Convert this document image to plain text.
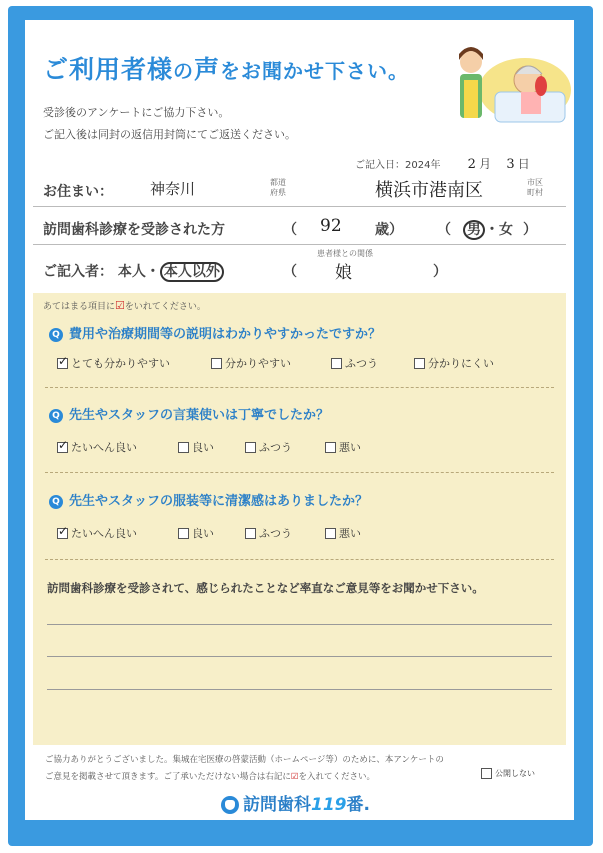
ご利用者様の声をお聞かせ下さい。
受診後のアンケートにご協力下さい。
ご記入後は同封の返信用封筒にてご返送ください。
ご記入日：2024年 2 月 3 日
お住まい： 神奈川	都道府県	横浜市港南区	市区町村
訪問歯科診療を受診された方	（ 92 歳） （ 男 ・女 ）
ご記入者： 本人・ 本人以外
患者様との関係
（ 娘	）
あてはまる項目に☑をいれてください。
Q 費用や治療期間等の説明はわかりやすかったですか？
✓
とても分かりやすい	分かりやすい	ふつう	分かりにくい
Q 先生やスタッフの言葉使いは丁寧でしたか？
✓
たいへん良い	良い	ふつう	悪い
Q 先生やスタッフの服装等に清潔感はありましたか？
✓
たいへん良い	良い	ふつう	悪い
訪問歯科診療を受診されて、感じられたことなど率直なご意見等をお聞かせ下さい。
ご協力ありがとうございました。集城在宅医療の啓蒙活動（ホームページ等）のために、本アンケートの
ご意見を掲載させて頂きます。ご了承いただけない場合は右記に☑を入れてください。	公開しない
訪問歯科119番.
